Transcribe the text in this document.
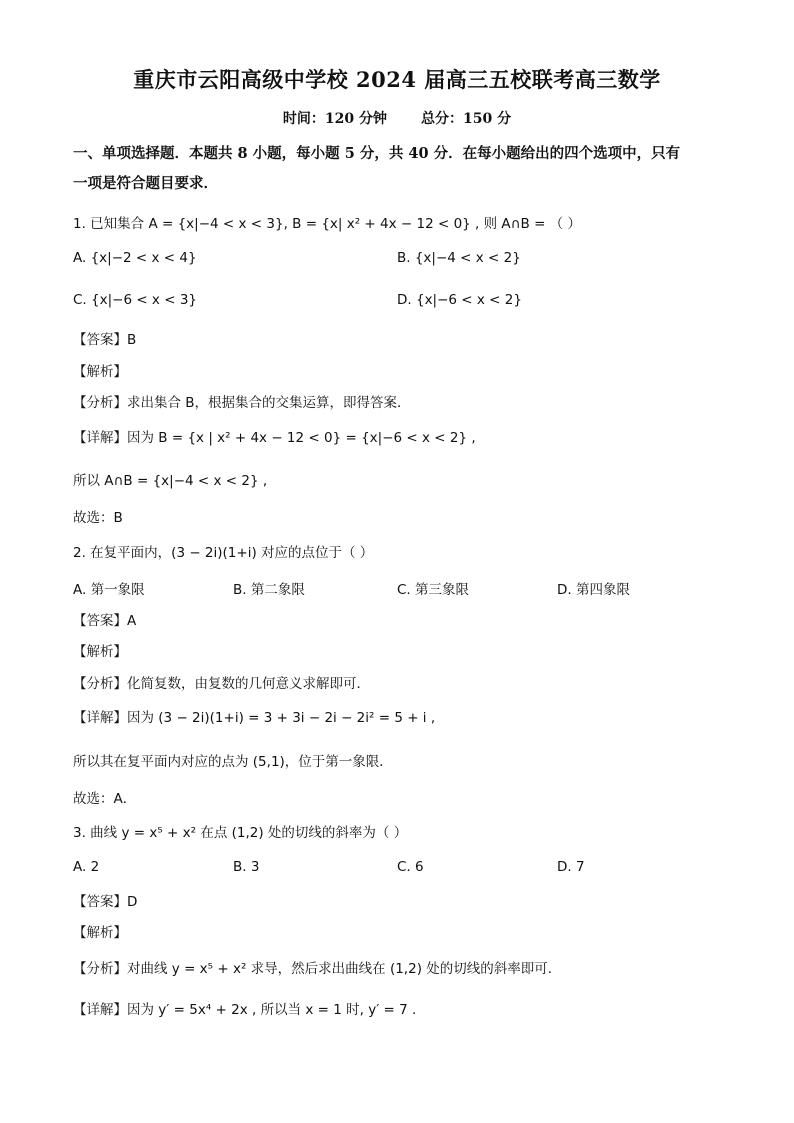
重庆市云阳高级中学校 2024 届高三五校联考高三数学
时间：120 分钟 总分：150 分
一、单项选择题．本题共 8 小题，每小题 5 分，共 40 分．在每小题给出的四个选项中，只有
一项是符合题目要求．
1. 已知集合 A = {x|−4 < x < 3}, B = {x| x² + 4x − 12 < 0} , 则 A∩B = （ ）
A. {x|−2 < x < 4}	B. {x|−4 < x < 2}
C. {x|−6 < x < 3}	D. {x|−6 < x < 2}
【答案】B
【解析】
【分析】求出集合 B，根据集合的交集运算，即得答案．
【详解】因为 B = {x | x² + 4x − 12 < 0} = {x|−6 < x < 2} ,
所以 A∩B = {x|−4 < x < 2} ,
故选：B
2. 在复平面内，(3 − 2i)(1+i) 对应的点位于（ ）
A. 第一象限	B. 第二象限	C. 第三象限	D. 第四象限
【答案】A
【解析】
【分析】化简复数，由复数的几何意义求解即可．
【详解】因为 (3 − 2i)(1+i) = 3 + 3i − 2i − 2i² = 5 + i ,
所以其在复平面内对应的点为 (5,1)，位于第一象限．
故选：A．
3. 曲线 y = x⁵ + x² 在点 (1,2) 处的切线的斜率为（ ）
A. 2	B. 3	C. 6	D. 7
【答案】D
【解析】
【分析】对曲线 y = x⁵ + x² 求导，然后求出曲线在 (1,2) 处的切线的斜率即可．
【详解】因为 y′ = 5x⁴ + 2x , 所以当 x = 1 时, y′ = 7 .
